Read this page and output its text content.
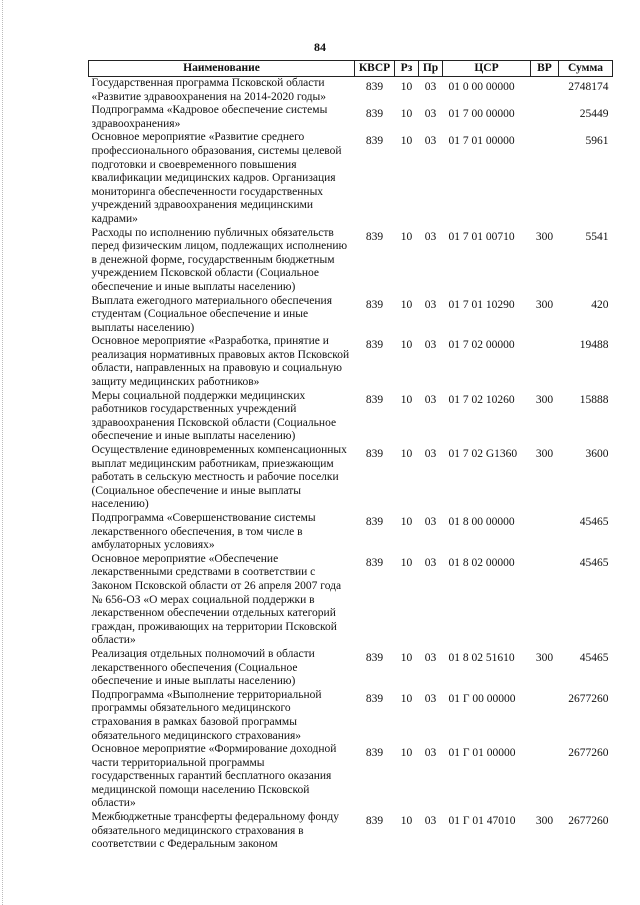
84
Наименование	КВСР	Рз	Пр	ЦСР	ВР	Сумма
Государственная программа Псковской области «Развитие здравоохранения на 2014-2020 годы»	839	10	03	01 0 00 00000		2748174
Подпрограмма «Кадровое обеспечение системы здравоохранения»	839	10	03	01 7 00 00000		25449
Основное мероприятие «Развитие среднего профессионального образования, системы целевой подготовки и своевременного повышения квалификации медицинских кадров. Организация мониторинга обеспеченности государственных учреждений здравоохранения медицинскими кадрами»	839	10	03	01 7 01 00000		5961
Расходы по исполнению публичных обязательств перед физическим лицом, подлежащих исполнению в денежной форме, государственным бюджетным учреждением Псковской области (Социальное обеспечение и иные выплаты населению)	839	10	03	01 7 01 00710	300	5541
Выплата ежегодного материального обеспечения студентам (Социальное обеспечение и иные выплаты населению)	839	10	03	01 7 01 10290	300	420
Основное мероприятие «Разработка, принятие и реализация нормативных правовых актов Псковской области, направленных на правовую и социальную защиту медицинских работников»	839	10	03	01 7 02 00000		19488
Меры социальной поддержки медицинских работников государственных учреждений здравоохранения Псковской области (Социальное обеспечение и иные выплаты населению)	839	10	03	01 7 02 10260	300	15888
Осуществление единовременных компенсационных выплат медицинским работникам, приезжающим работать в сельскую местность и рабочие поселки (Социальное обеспечение и иные выплаты населению)	839	10	03	01 7 02 G1360	300	3600
Подпрограмма «Совершенствование системы лекарственного обеспечения, в том числе в амбулаторных условиях»	839	10	03	01 8 00 00000		45465
Основное мероприятие «Обеспечение лекарственными средствами в соответствии с Законом Псковской области от 26 апреля 2007 года № 656-ОЗ «О мерах социальной поддержки в лекарственном обеспечении отдельных категорий граждан, проживающих на территории Псковской области»	839	10	03	01 8 02 00000		45465
Реализация отдельных полномочий в области лекарственного обеспечения (Социальное обеспечение и иные выплаты населению)	839	10	03	01 8 02 51610	300	45465
Подпрограмма «Выполнение территориальной программы обязательного медицинского страхования в рамках базовой программы обязательного медицинского страхования»	839	10	03	01 Г 00 00000		2677260
Основное мероприятие «Формирование доходной части территориальной программы государственных гарантий бесплатного оказания медицинской помощи населению Псковской области»	839	10	03	01 Г 01 00000		2677260
Межбюджетные трансферты федеральному фонду обязательного медицинского страхования в соответствии с Федеральным законом	839	10	03	01 Г 01 47010	300	2677260
